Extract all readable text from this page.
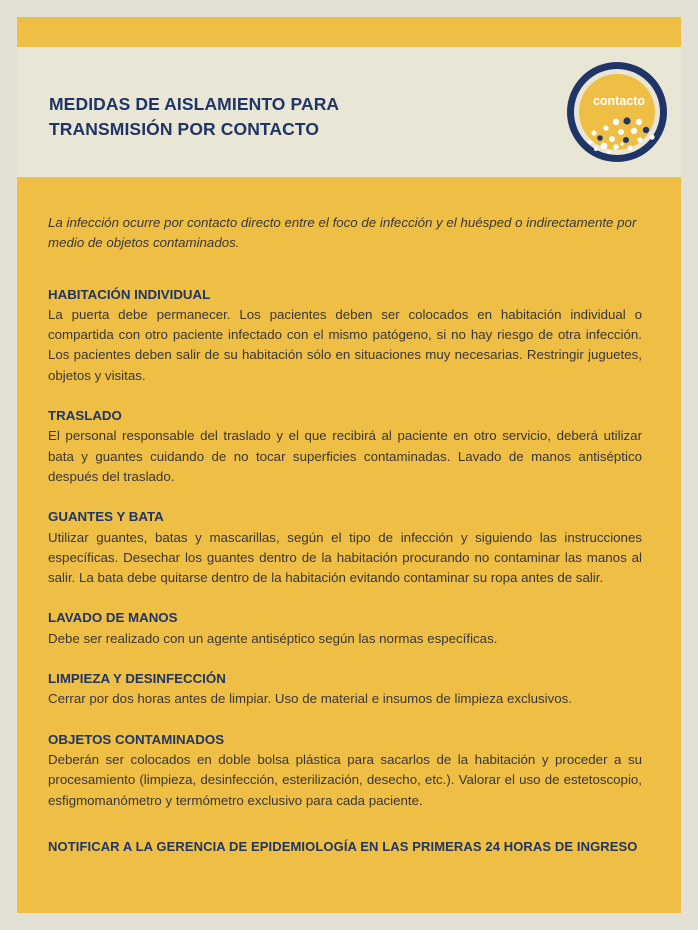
MEDIDAS DE AISLAMIENTO PARA
TRANSMISIÓN POR CONTACTO
contacto

La infección ocurre por contacto directo entre el foco de infección y el huésped o indirectamente por medio de objetos contaminados.

HABITACIÓN INDIVIDUAL

La puerta debe permanecer. Los pacientes deben ser colocados en habitación individual o compartida con otro paciente infectado con el mismo patógeno, si no hay riesgo de otra infección. Los pacientes deben salir de su habitación sólo en situaciones muy necesarias. Restringir juguetes, objetos y visitas.

TRASLADO

El personal responsable del traslado y el que recibirá al paciente en otro servicio, deberá utilizar bata y guantes cuidando de no tocar superficies contaminadas. Lavado de manos antiséptico después del traslado.

GUANTES Y BATA

Utilizar guantes, batas y mascarillas, según el tipo de infección y siguiendo las instrucciones específicas. Desechar los guantes dentro de la habitación procurando no contaminar las manos al salir. La bata debe quitarse dentro de la habitación evitando contaminar su ropa antes de salir.

LAVADO DE MANOS

Debe ser realizado con un agente antiséptico según las normas específicas.

LIMPIEZA Y DESINFECCIÓN

Cerrar por dos horas antes de limpiar. Uso de material e insumos de limpieza exclusivos.

OBJETOS CONTAMINADOS

Deberán ser colocados en doble bolsa plástica para sacarlos de la habitación y proceder a su procesamiento (limpieza, desinfección, esterilización, desecho, etc.). Valorar el uso de estetoscopio, esfigmomanómetro y termómetro exclusivo para cada paciente.

NOTIFICAR A LA GERENCIA DE EPIDEMIOLOGÍA EN LAS PRIMERAS 24 HORAS DE INGRESO
